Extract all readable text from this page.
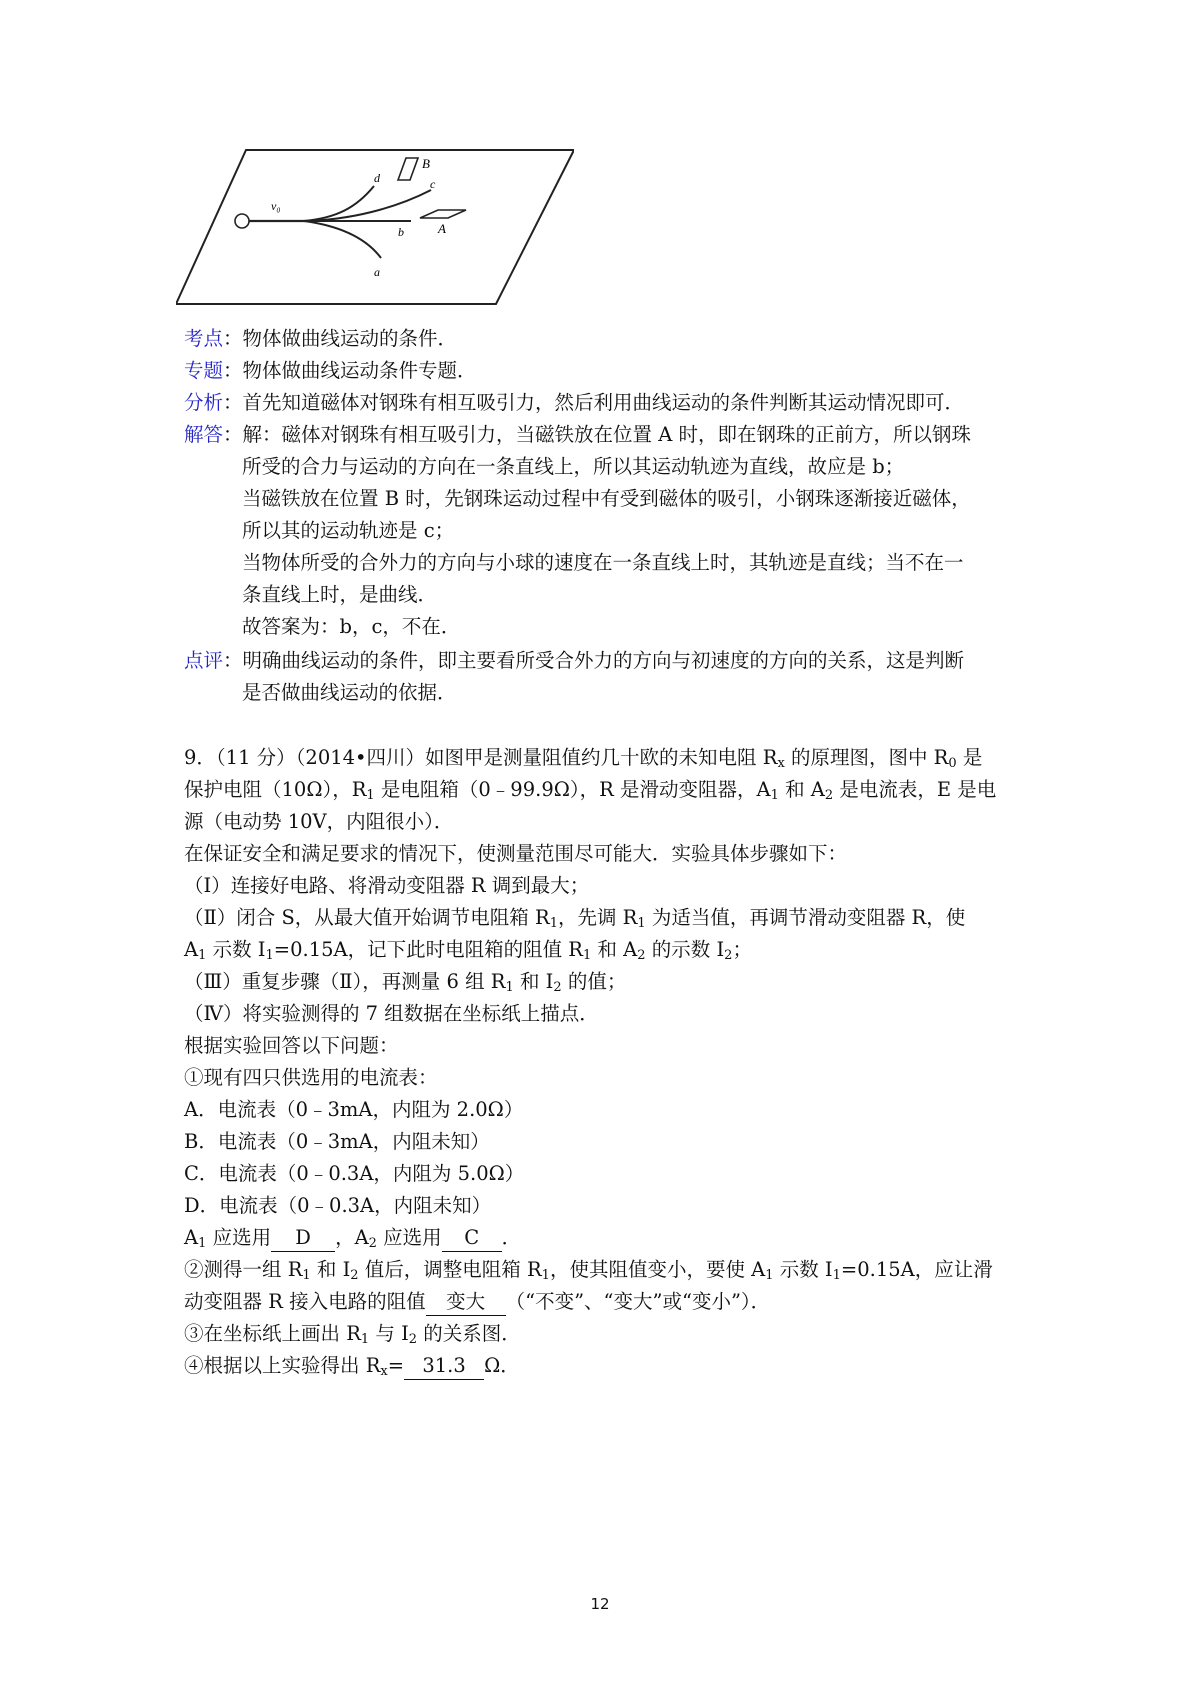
v₀
d	c
b
a
A
B
考点：物体做曲线运动的条件．
专题：物体做曲线运动条件专题．
分析：首先知道磁体对钢珠有相互吸引力，然后利用曲线运动的条件判断其运动情况即可．
解答：解：磁体对钢珠有相互吸引力，当磁铁放在位置 A 时，即在钢珠的正前方，所以钢珠
所受的合力与运动的方向在一条直线上，所以其运动轨迹为直线，故应是 b；
当磁铁放在位置 B 时，先钢珠运动过程中有受到磁体的吸引，小钢珠逐渐接近磁体，
所以其的运动轨迹是 c；
当物体所受的合外力的方向与小球的速度在一条直线上时，其轨迹是直线；当不在一
条直线上时，是曲线．
故答案为：b，c，不在．
点评：明确曲线运动的条件，即主要看所受合外力的方向与初速度的方向的关系，这是判断
是否做曲线运动的依据．
9．（11 分）（2014•四川）如图甲是测量阻值约几十欧的未知电阻 $R_x$ 的原理图，图中 $R_0$ 是
保护电阻（10Ω），$R_1$ 是电阻箱（0﹣99.9Ω），R 是滑动变阻器，$A_1$ 和 $A_2$ 是电流表，E 是电
源（电动势 10V，内阻很小）．
在保证安全和满足要求的情况下，使测量范围尽可能大．实验具体步骤如下：
（Ⅰ）连接好电路、将滑动变阻器 R 调到最大；
（Ⅱ）闭合 S，从最大值开始调节电阻箱 $R_1$，先调 $R_1$ 为适当值，再调节滑动变阻器 R，使
$A_1$ 示数 $I_1=0.15A$，记下此时电阻箱的阻值 $R_1$ 和 $A_2$ 的示数 $I_2$；
（Ⅲ）重复步骤（Ⅱ），再测量 6 组 $R_1$ 和 $I_2$ 的值；
（Ⅳ）将实验测得的 7 组数据在坐标纸上描点．
根据实验回答以下问题：
①现有四只供选用的电流表：
A．电流表（0﹣3mA，内阻为 2.0Ω）
B．电流表（0﹣3mA，内阻未知）
C．电流表（0﹣0.3A，内阻为 5.0Ω）
D．电流表（0﹣0.3A，内阻未知）
$A_1$ 应选用 D ，$A_2$ 应选用 C ．
②测得一组 $R_1$ 和 $I_2$ 值后，调整电阻箱 $R_1$，使其阻值变小，要使 $A_1$ 示数 $I_1=0.15A$，应让滑
动变阻器 R 接入电路的阻值 变大 （“不变”、“变大”或“变小”）．
③在坐标纸上画出 $R_1$ 与 $I_2$ 的关系图．
④根据以上实验得出 $R_x= 31.3$ Ω．
12
